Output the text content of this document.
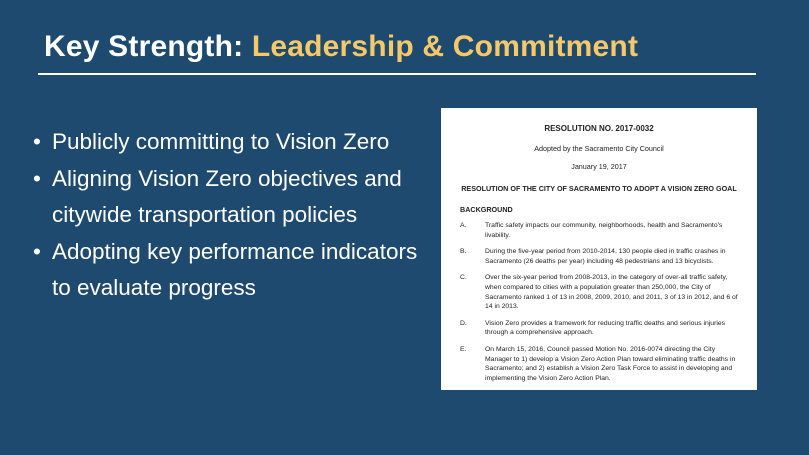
Key Strength: Leadership & Commitment
• Publicly committing to Vision Zero
• Aligning Vision Zero objectives and citywide transportation policies
• Adopting key performance indicators to evaluate progress
RESOLUTION NO. 2017-0032
Adopted by the Sacramento City Council
January 19, 2017
RESOLUTION OF THE CITY OF SACRAMENTO TO ADOPT A VISION ZERO GOAL
BACKGROUND
A.	Traffic safety impacts our community, neighborhoods, health and Sacramento's livability.
B.	During the five-year period from 2010-2014, 130 people died in traffic crashes in Sacramento (26 deaths per year) including 48 pedestrians and 13 bicyclists.
C.	Over the six-year period from 2008-2013, in the category of over-all traffic safety, when compared to cities with a population greater than 250,000, the City of Sacramento ranked 1 of 13 in 2008, 2009, 2010, and 2011, 3 of 13 in 2012, and 6 of 14 in 2013.
D.	Vision Zero provides a framework for reducing traffic deaths and serious injuries through a comprehensive approach.
E.	On March 15, 2016, Council passed Motion No. 2016-0074 directing the City Manager to 1) develop a Vision Zero Action Plan toward eliminating traffic deaths in Sacramento; and 2) establish a Vision Zero Task Force to assist in developing and implementing the Vision Zero Action Plan.
